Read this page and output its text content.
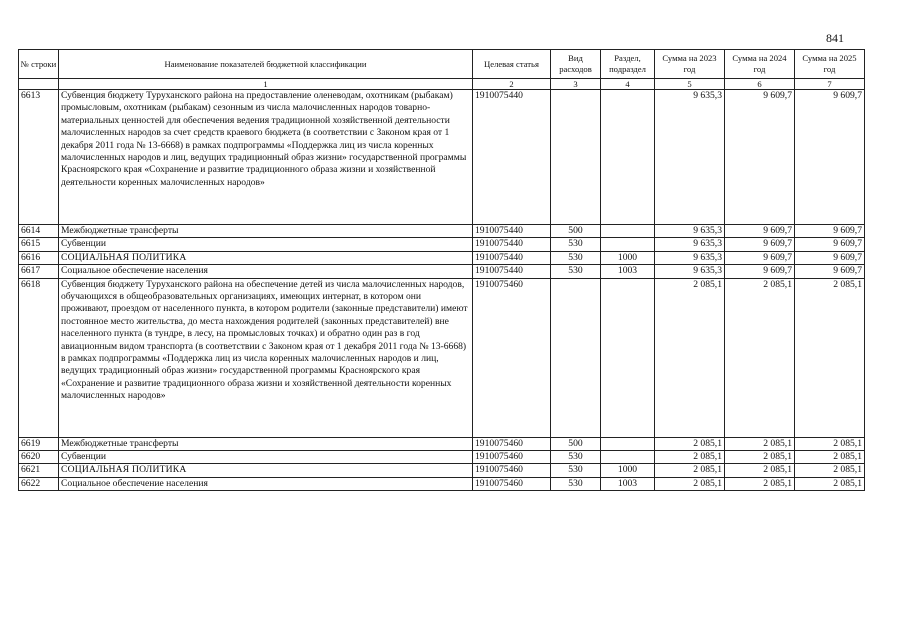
841
№ строки	Наименование показателей бюджетной классификации	Целевая статья	Вид расходов	Раздел, подраздел	Сумма на 2023 год	Сумма на 2024 год	Сумма на 2025 год
	1	2	3	4	5	6	7
6613	Субвенция бюджету Туруханского района на предоставление оленеводам, охотникам (рыбакам) промысловым, охотникам (рыбакам) сезонным из числа малочисленных народов товарно-материальных ценностей для обеспечения ведения традиционной хозяйственной деятельности малочисленных народов за счет средств краевого бюджета (в соответствии с Законом края от 1 декабря 2011 года № 13-6668) в рамках подпрограммы «Поддержка лиц из числа коренных малочисленных народов и лиц, ведущих традиционный образ жизни» государственной программы Красноярского края «Сохранение и развитие традиционного образа жизни и хозяйственной деятельности коренных малочисленных народов»	1910075440			9 635,3	9 609,7	9 609,7
6614	Межбюджетные трансферты	1910075440	500		9 635,3	9 609,7	9 609,7
6615	Субвенции	1910075440	530		9 635,3	9 609,7	9 609,7
6616	СОЦИАЛЬНАЯ ПОЛИТИКА	1910075440	530	1000	9 635,3	9 609,7	9 609,7
6617	Социальное обеспечение населения	1910075440	530	1003	9 635,3	9 609,7	9 609,7
6618	Субвенция бюджету Туруханского района на обеспечение детей из числа малочисленных народов, обучающихся в общеобразовательных организациях, имеющих интернат, в котором они проживают, проездом от населенного пункта, в котором родители (законные представители) имеют постоянное место жительства, до места нахождения родителей (законных представителей) вне населенного пункта (в тундре, в лесу, на промысловых точках) и обратно один раз в год авиационным видом транспорта (в соответствии с Законом края от 1 декабря 2011 года № 13-6668) в рамках подпрограммы «Поддержка лиц из числа коренных малочисленных народов и лиц, ведущих традиционный образ жизни» государственной программы Красноярского края «Сохранение и развитие традиционного образа жизни и хозяйственной деятельности коренных малочисленных народов»	1910075460			2 085,1	2 085,1	2 085,1
6619	Межбюджетные трансферты	1910075460	500		2 085,1	2 085,1	2 085,1
6620	Субвенции	1910075460	530		2 085,1	2 085,1	2 085,1
6621	СОЦИАЛЬНАЯ ПОЛИТИКА	1910075460	530	1000	2 085,1	2 085,1	2 085,1
6622	Социальное обеспечение населения	1910075460	530	1003	2 085,1	2 085,1	2 085,1
